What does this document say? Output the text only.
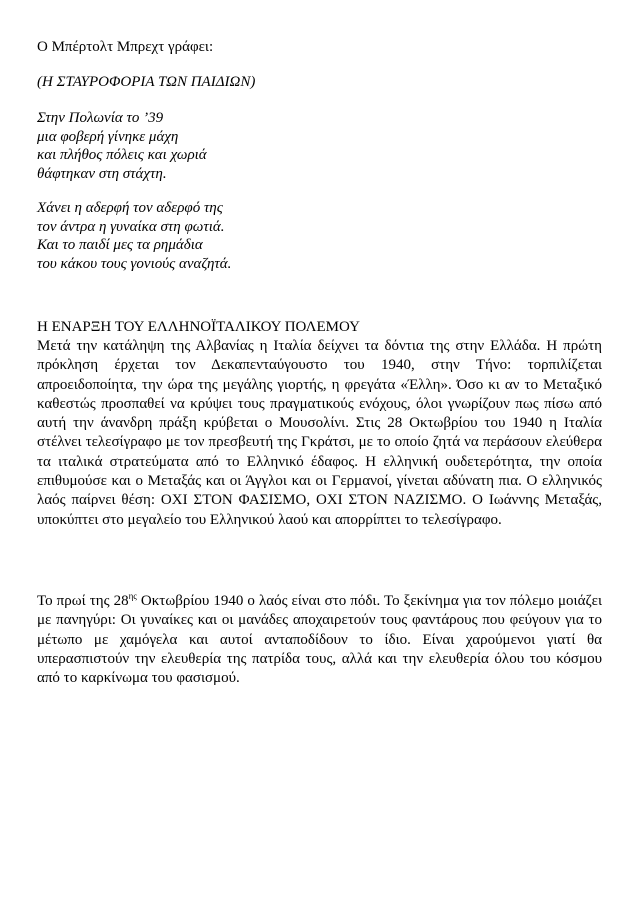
Ο Μπέρτολτ Μπρεχτ γράφει:
(Η ΣΤΑΥΡΟΦΟΡΙΑ ΤΩΝ ΠΑΙΔΙΩΝ)
Στην Πολωνία το ’39
μια φοβερή γίνηκε μάχη
και πλήθος πόλεις και χωριά
θάφτηκαν στη στάχτη.
Χάνει η αδερφή τον αδερφό της
τον άντρα η γυναίκα στη φωτιά.
Και το παιδί μες τα ρημάδια
του κάκου τους γονιούς αναζητά.
Η ΕΝΑΡΞΗ ΤΟΥ ΕΛΛΗΝΟΪΤΑΛΙΚΟΥ ΠΟΛΕΜΟΥ
Μετά την κατάληψη της Αλβανίας η Ιταλία δείχνει τα δόντια της στην Ελλάδα. Η πρώτη πρόκληση έρχεται τον Δεκαπενταύγουστο του 1940, στην Τήνο: τορπιλίζεται απροειδοποίητα, την ώρα της μεγάλης γιορτής, η φρεγάτα «Έλλη». Όσο κι αν το Μεταξικό καθεστώς προσπαθεί να κρύψει τους πραγματικούς ενόχους, όλοι γνωρίζουν πως πίσω από αυτή την άνανδρη πράξη κρύβεται ο Μουσολίνι. Στις 28 Οκτωβρίου του 1940 η Ιταλία στέλνει τελεσίγραφο με τον πρεσβευτή της Γκράτσι, με το οποίο ζητά να περάσουν ελεύθερα τα ιταλικά στρατεύματα από το Ελληνικό έδαφος. Η ελληνική ουδετερότητα, την οποία επιθυμούσε και ο Μεταξάς και οι Άγγλοι και οι Γερμανοί, γίνεται αδύνατη πια. Ο ελληνικός λαός παίρνει θέση: ΟΧΙ ΣΤΟΝ ΦΑΣΙΣΜΟ, ΟΧΙ ΣΤΟΝ ΝΑΖΙΣΜΟ. Ο Ιωάννης Μεταξάς, υποκύπτει στο μεγαλείο του Ελληνικού λαού και απορρίπτει το τελεσίγραφο.
Το πρωί της $28^{\eta\varsigma}$ Οκτωβρίου 1940 ο λαός είναι στο πόδι. Το ξεκίνημα για τον πόλεμο μοιάζει με πανηγύρι: Οι γυναίκες και οι μανάδες αποχαιρετούν τους φαντάρους που φεύγουν για το μέτωπο με χαμόγελα και αυτοί ανταποδίδουν το ίδιο. Είναι χαρούμενοι γιατί θα υπερασπιστούν την ελευθερία της πατρίδα τους, αλλά και την ελευθερία όλου του κόσμου από το καρκίνωμα του φασισμού.
